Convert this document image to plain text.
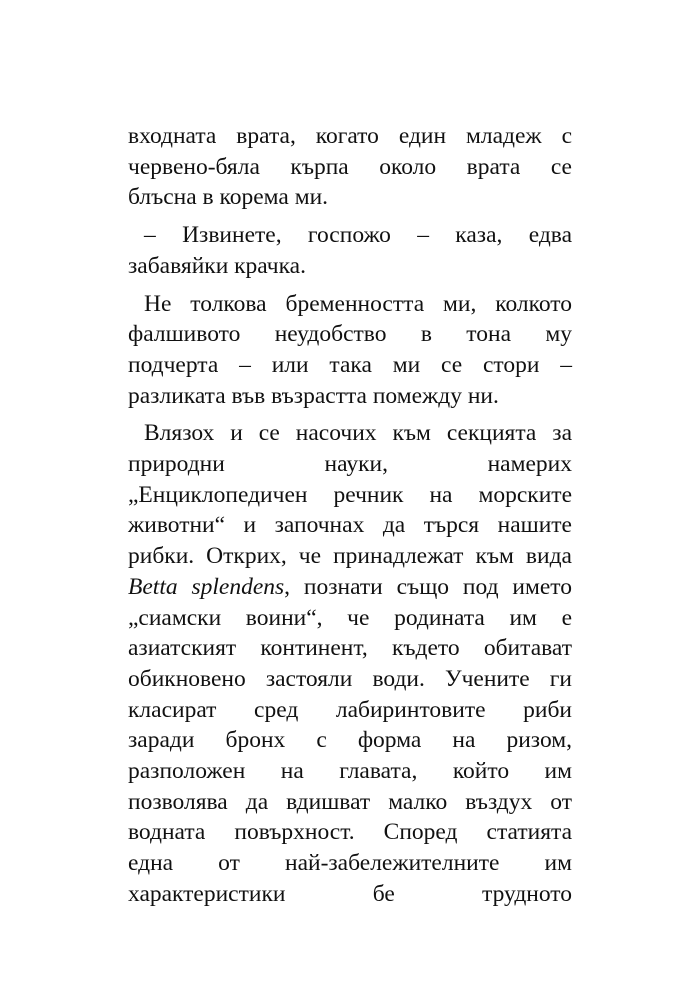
входната врата, когато един младеж с
червено-бяла кърпа около врата се
блъсна в корема ми.

– Извинете, госпожо – каза, едва
забавяйки крачка.

Не толкова бременността ми, колкото
фалшивото неудобство в тона му
подчерта – или така ми се стори –
разликата във възрастта помежду ни.

Влязох и се насочих към секцията за
природни науки, намерих
„Енциклопедичен речник на морските
животни“ и започнах да търся нашите
рибки. Открих, че принадлежат към вида
Betta splendens, познати също под името
„сиамски воини“, че родината им е
азиатският континент, където обитават
обикновено застояли води. Учените ги
класират сред лабиринтовите риби
заради бронх с форма на ризом,
разположен на главата, който им
позволява да вдишват малко въздух от
водната повърхност. Според статията
една от най-забележителните им
характеристики бе трудното
